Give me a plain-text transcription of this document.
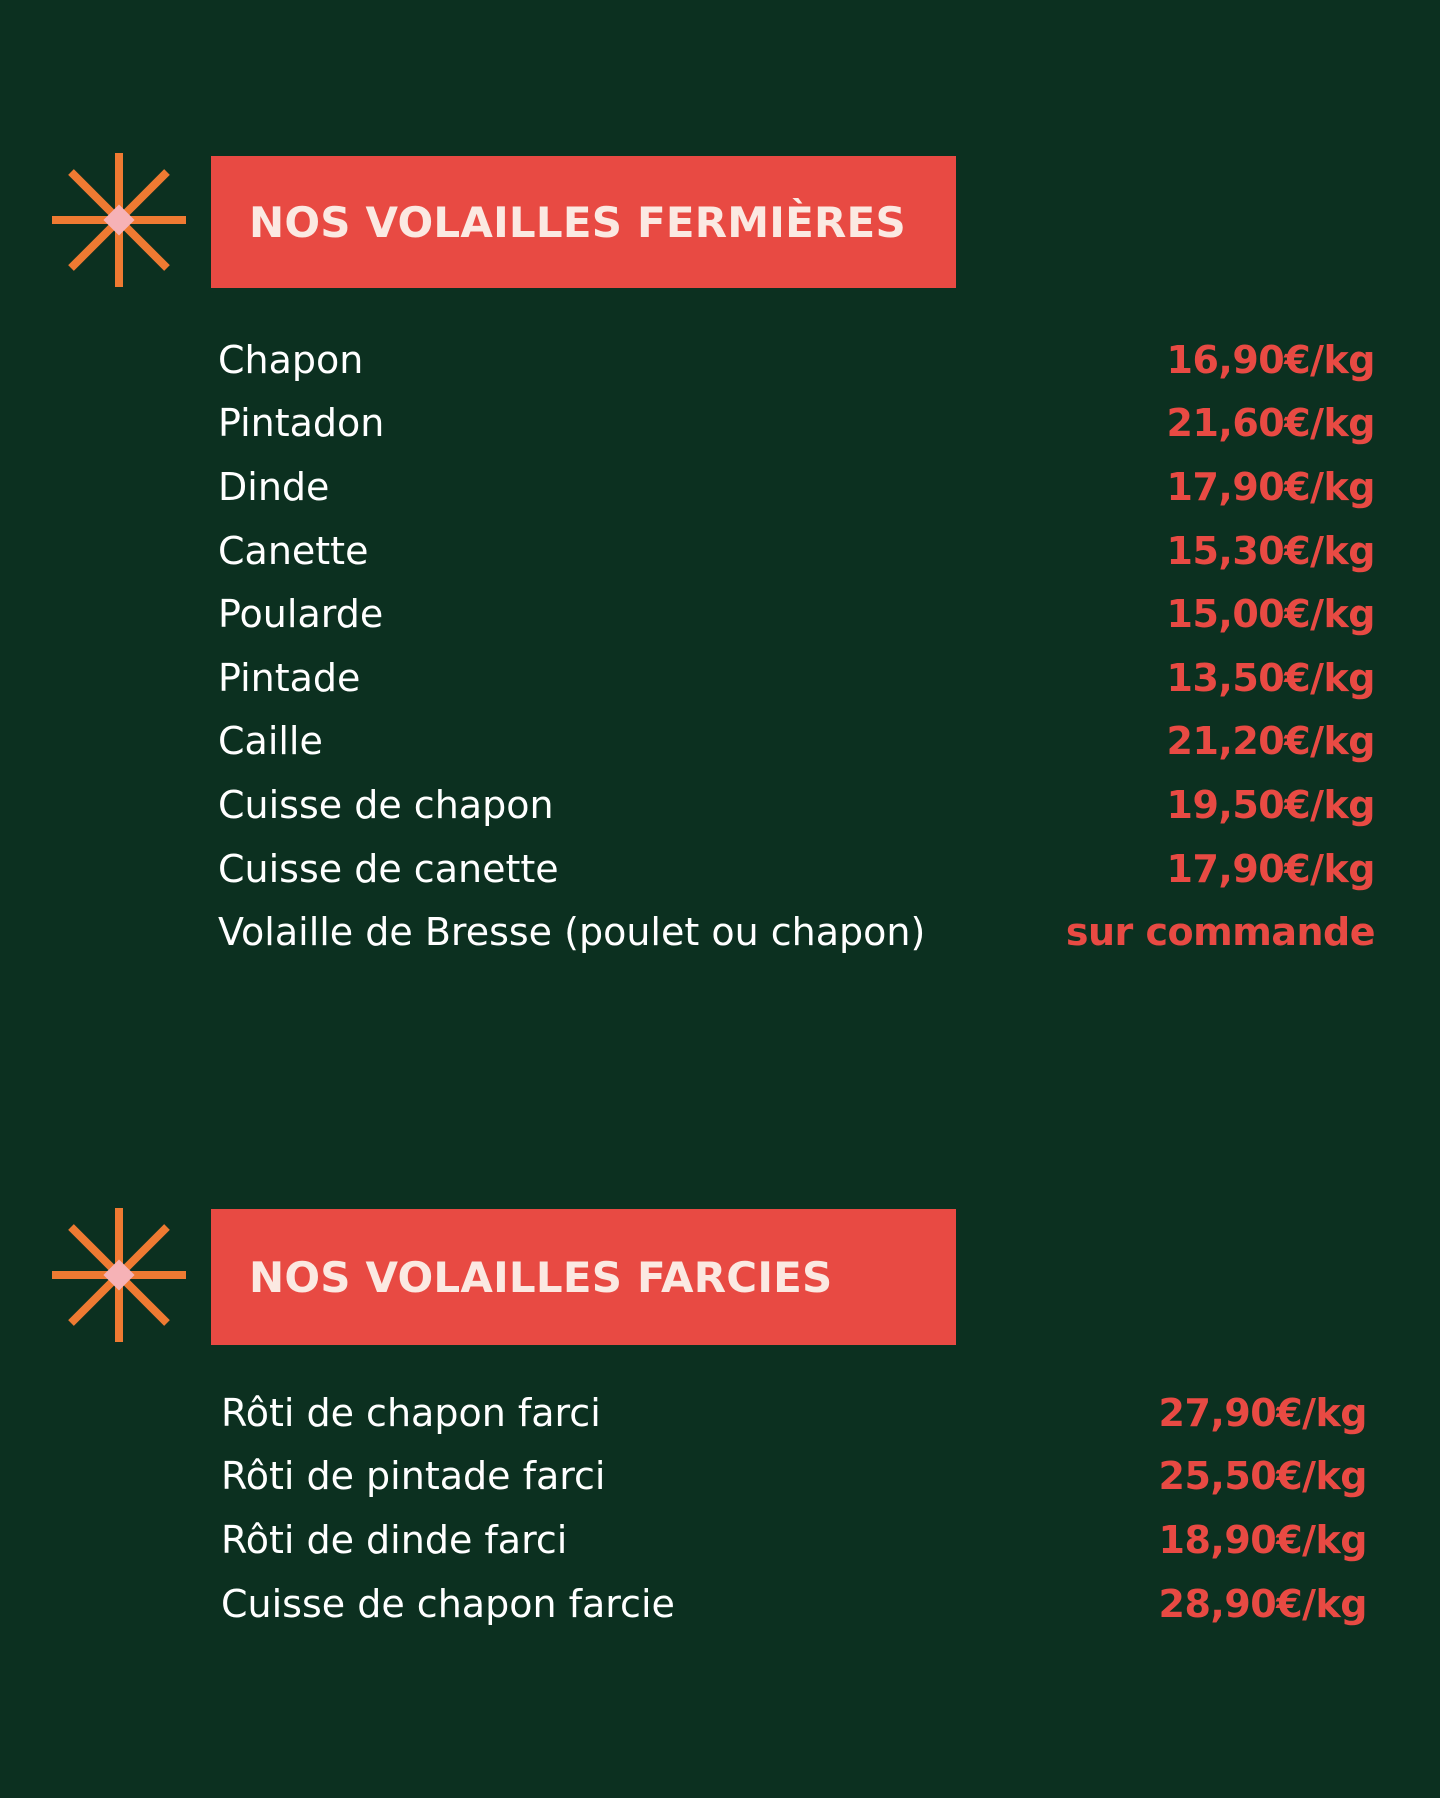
NOS VOLAILLES FERMIÈRES
Chapon	16,90€/kg
Pintadon	21,60€/kg
Dinde	17,90€/kg
Canette	15,30€/kg
Poularde	15,00€/kg
Pintade	13,50€/kg
Caille	21,20€/kg
Cuisse de chapon	19,50€/kg
Cuisse de canette	17,90€/kg
Volaille de Bresse (poulet ou chapon)	sur commande
NOS VOLAILLES FARCIES
Rôti de chapon farci	27,90€/kg
Rôti de pintade farci	25,50€/kg
Rôti de dinde farci	18,90€/kg
Cuisse de chapon farcie	28,90€/kg
